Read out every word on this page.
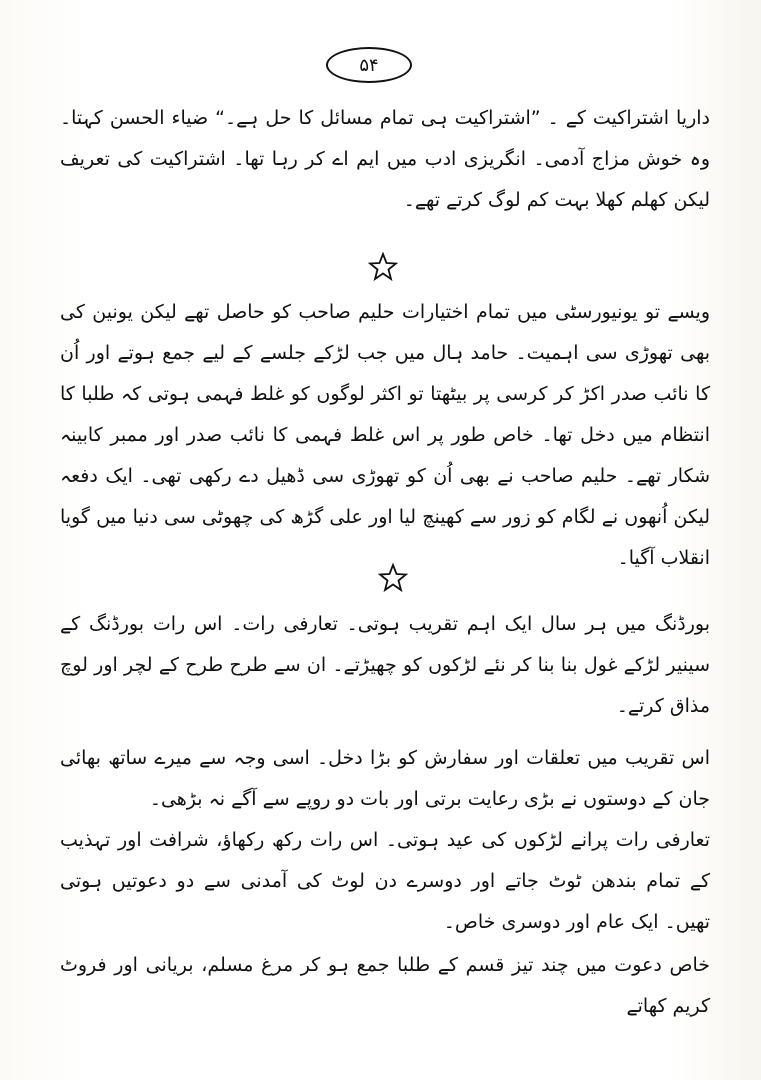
۵۴

داریا اشتراکیت کے ۔ ”اشتراکیت ہی تمام مسائل کا حل ہے۔“ ضیاء الحسن کہتا۔ وہ خوش مزاج آدمی۔ انگریزی ادب میں ایم اے کر رہا تھا۔ اشتراکیت کی تعریف لیکن کھلم کھلا بہت کم لوگ کرتے تھے۔

ویسے تو یونیورسٹی میں تمام اختیارات حلیم صاحب کو حاصل تھے لیکن یونین کی بھی تھوڑی سی اہمیت۔ حامد ہال میں جب لڑکے جلسے کے لیے جمع ہوتے اور اُن کا نائب صدر اکڑ کر کرسی پر بیٹھتا تو اکثر لوگوں کو غلط فہمی ہوتی کہ طلبا کا انتظام میں دخل تھا۔ خاص طور پر اس غلط فہمی کا نائب صدر اور ممبر کابینہ شکار تھے۔ حلیم صاحب نے بھی اُن کو تھوڑی سی ڈھیل دے رکھی تھی۔ ایک دفعہ لیکن اُنھوں نے لگام کو زور سے کھینچ لیا اور علی گڑھ کی چھوٹی سی دنیا میں گویا انقلاب آگیا۔

بورڈنگ میں ہر سال ایک اہم تقریب ہوتی۔ تعارفی رات۔ اس رات بورڈنگ کے سینیر لڑکے غول بنا بنا کر نئے لڑکوں کو چھیڑتے۔ ان سے طرح طرح کے لچر اور لوچ مذاق کرتے۔

اس تقریب میں تعلقات اور سفارش کو بڑا دخل۔ اسی وجہ سے میرے ساتھ بھائی جان کے دوستوں نے بڑی رعایت برتی اور بات دو روپے سے آگے نہ بڑھی۔

تعارفی رات پرانے لڑکوں کی عید ہوتی۔ اس رات رکھ رکھاؤ، شرافت اور تہذیب کے تمام بندھن ٹوٹ جاتے اور دوسرے دن لوٹ کی آمدنی سے دو دعوتیں ہوتی تھیں۔ ایک عام اور دوسری خاص۔

خاص دعوت میں چند تیز قسم کے طلبا جمع ہو کر مرغ مسلم، بریانی اور فروٹ کریم کھاتے
